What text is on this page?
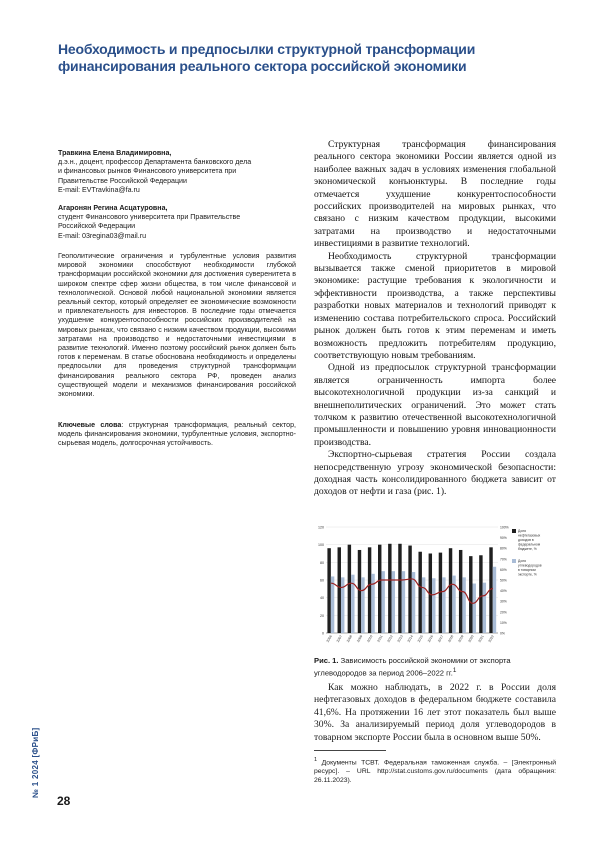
Необходимость и предпосылки структурной трансформации
финансирования реального сектора российской экономики
Травкина Елена Владимировна,
д.э.н., доцент, профессор Департамента банковского дела
и финансовых рынков Финансового университета при
Правительстве Российской Федерации
E-mail: EVTravkina@fa.ru
Агаронян Регина Асцатуровна,
студент Финансового университета при Правительстве
Российской Федерации
E-mail: 03regina03@mail.ru
Геополитические ограничения и турбулентные условия развития мировой экономики способствуют необходимости глубокой трансформации российской экономики для достижения суверенитета в широком спектре сфер жизни общества, в том числе финансовой и технологической. Основой любой национальной экономики является реальный сектор, который определяет ее экономические возможности и привлекательность для инвесторов. В последние годы отмечается ухудшение конкурентоспособности российских производителей на мировых рынках, что связано с низким качеством продукции, высокими затратами на производство и недостаточными инвестициями в развитие технологий. Именно поэтому российский рынок должен быть готов к переменам. В статье обоснована необходимость и определены предпосылки для проведения структурной трансформации финансирования реального сектора РФ, проведен анализ существующей модели и механизмов финансирования российской экономики.
Ключевые слова: структурная трансформация, реальный сектор, модель финансирования экономики, турбулентные условия, экспортно-сырьевая модель, долгосрочная устойчивость.

Структурная трансформация финансирования реального сектора экономики России является одной из наиболее важных задач в условиях изменения глобальной экономической конъюнктуры. В последние годы отмечается ухудшение конкурентоспособности российских производителей на мировых рынках, что связано с низким качеством продукции, высокими затратами на производство и недостаточными инвестициями в развитие технологий.

Необходимость структурной трансформации вызывается также сменой приоритетов в мировой экономике: растущие требования к экологичности и эффективности производства, а также перспективы разработки новых материалов и технологий приводят к изменению состава потребительского спроса. Российский рынок должен быть готов к этим переменам и иметь возможность предложить потребителям продукцию, соответствующую новым требованиям.

Одной из предпосылок структурной трансформации является ограниченность импорта более высокотехнологичной продукции из-за санкций и внешнеполитических ограничений. Это может стать толчком к развитию отечественной высокотехнологичной промышленности и повышению уровня инновационности производства.

Экспортно-сырьевая стратегия России создала непосредственную угрозу экономической безопасности: доходная часть консолидированного бюджета зависит от доходов от нефти и газа (рис. 1).

0
20
40
60
80
100
120
0%
10%
20%
30%
40%
50%
60%
70%
80%
90%
100%
2006 2007 2008 2009 2010 2011 2012 2013 2014 2015 2016 2017 2018 2019 2020 2021 2022
Доля
нефтегазовых
доходов в
федеральном
бюджете, %
Доля
углеводородов
в товарном
экспорте, %
Рис. 1. Зависимость российской экономики от экспорта углеводородов за период 2006–2022 гг.$^1$

Как можно наблюдать, в 2022 г. в России доля нефтегазовых доходов в федеральном бюджете составила 41,6%. На протяжении 16 лет этот показатель был выше 30%. За анализируемый период доля углеводородов в товарном экспорте России была в основном выше 50%.

$^1$ Документы ТСВТ. Федеральная таможенная служба. – [Электронный ресурс]. – URL http://stat.customs.gov.ru/documents (дата обращения: 26.11.2023).
№ 1 2024 [ФРиБ]
28
